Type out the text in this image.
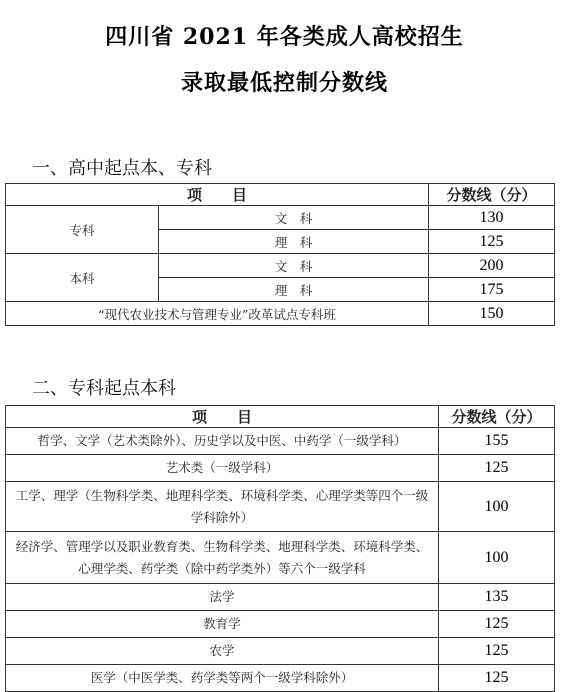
四川省 2021 年各类成人高校招生
录取最低控制分数线
一、高中起点本、专科
项　　目		分数线（分）
专科	文　科	130
	理　科	125
本科	文　科	200
	理　科	175
“现代农业技术与管理专业”改革试点专科班		150
二、专科起点本科
项　　目	分数线（分）
哲学、文学（艺术类除外）、历史学以及中医、中药学（一级学科）	155
艺术类（一级学科）	125
工学、理学（生物科学类、地理科学类、环境科学类、心理学类等四个一级学科除外）	100
经济学、管理学以及职业教育类、生物科学类、地理科学类、环境科学类、心理学类、药学类（除中药学类外）等六个一级学科	100
法学	135
教育学	125
农学	125
医学（中医学类、药学类等两个一级学科除外）	125
